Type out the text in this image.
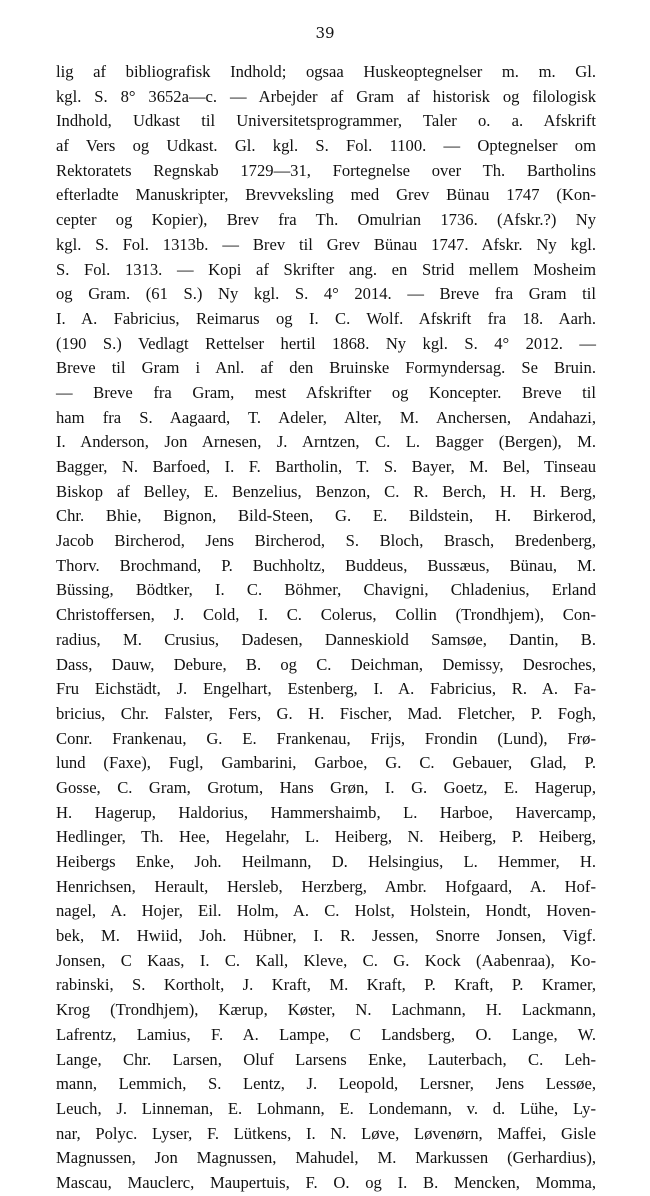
39
lig af bibliografisk Indhold; ogsaa Huskeoptegnelser m. m. Gl.
kgl. S. 8° 3652a—c. — Arbejder af Gram af historisk og filologisk
Indhold, Udkast til Universitetsprogrammer, Taler o. a. Afskrift
af Vers og Udkast. Gl. kgl. S. Fol. 1100. — Optegnelser om
Rektoratets Regnskab 1729—31, Fortegnelse over Th. Bartholins
efterladte Manuskripter, Brevveksling med Grev Bünau 1747 (Kon-
cepter og Kopier), Brev fra Th. Omulrian 1736. (Afskr.?) Ny
kgl. S. Fol. 1313b. — Brev til Grev Bünau 1747. Afskr. Ny kgl.
S. Fol. 1313. — Kopi af Skrifter ang. en Strid mellem Mosheim
og Gram. (61 S.) Ny kgl. S. 4° 2014. — Breve fra Gram til
I. A. Fabricius, Reimarus og I. C. Wolf. Afskrift fra 18. Aarh.
(190 S.) Vedlagt Rettelser hertil 1868. Ny kgl. S. 4° 2012. —
Breve til Gram i Anl. af den Bruinske Formyndersag. Se Bruin.
— Breve fra Gram, mest Afskrifter og Koncepter. Breve til
ham fra S. Aagaard, T. Adeler, Alter, M. Anchersen, Andahazi,
I. Anderson, Jon Arnesen, J. Arntzen, C. L. Bagger (Bergen), M.
Bagger, N. Barfoed, I. F. Bartholin, T. S. Bayer, M. Bel, Tinseau
Biskop af Belley, E. Benzelius, Benzon, C. R. Berch, H. H. Berg,
Chr. Bhie, Bignon, Bild-Steen, G. E. Bildstein, H. Birkerod,
Jacob Bircherod, Jens Bircherod, S. Bloch, Brasch, Bredenberg,
Thorv. Brochmand, P. Buchholtz, Buddeus, Bussæus, Bünau, M.
Büssing, Bödtker, I. C. Böhmer, Chavigni, Chladenius, Erland
Christoffersen, J. Cold, I. C. Colerus, Collin (Trondhjem), Con-
radius, M. Crusius, Dadesen, Danneskiold Samsøe, Dantin, B.
Dass, Dauw, Debure, B. og C. Deichman, Demissy, Desroches,
Fru Eichstädt, J. Engelhart, Estenberg, I. A. Fabricius, R. A. Fa-
bricius, Chr. Falster, Fers, G. H. Fischer, Mad. Fletcher, P. Fogh,
Conr. Frankenau, G. E. Frankenau, Frijs, Frondin (Lund), Frø-
lund (Faxe), Fugl, Gambarini, Garboe, G. C. Gebauer, Glad, P.
Gosse, C. Gram, Grotum, Hans Grøn, I. G. Goetz, E. Hagerup,
H. Hagerup, Haldorius, Hammershaimb, L. Harboe, Havercamp,
Hedlinger, Th. Hee, Hegelahr, L. Heiberg, N. Heiberg, P. Heiberg,
Heibergs Enke, Joh. Heilmann, D. Helsingius, L. Hemmer, H.
Henrichsen, Herault, Hersleb, Herzberg, Ambr. Hofgaard, A. Hof-
nagel, A. Hojer, Eil. Holm, A. C. Holst, Holstein, Hondt, Hoven-
bek, M. Hwiid, Joh. Hübner, I. R. Jessen, Snorre Jonsen, Vigf.
Jonsen, C Kaas, I. C. Kall, Kleve, C. G. Kock (Aabenraa), Ko-
rabinski, S. Kortholt, J. Kraft, M. Kraft, P. Kraft, P. Kramer,
Krog (Trondhjem), Kærup, Køster, N. Lachmann, H. Lackmann,
Lafrentz, Lamius, F. A. Lampe, C Landsberg, O. Lange, W.
Lange, Chr. Larsen, Oluf Larsens Enke, Lauterbach, C. Leh-
mann, Lemmich, S. Lentz, J. Leopold, Lersner, Jens Lessøe,
Leuch, J. Linneman, E. Lohmann, E. Londemann, v. d. Lühe, Ly-
nar, Polyc. Lyser, F. Lütkens, I. N. Løve, Løvenørn, Maffei, Gisle
Magnussen, Jon Magnussen, Mahudel, M. Markussen (Gerhardius),
Mascau, Mauclerc, Maupertuis, F. O. og I. B. Mencken, Momma,
